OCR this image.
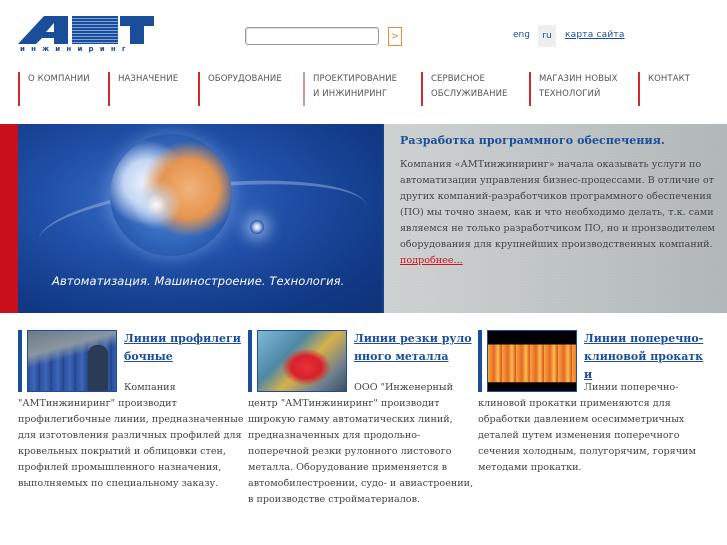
инжиниринг
>	eng	ru	карта сайта
О КОМПАНИИ	НАЗНАЧЕНИЕ	ОБОРУДОВАНИЕ	ПРОЕКТИРОВАНИЕ
И ИНЖИНИРИНГ
СЕРВИСНОЕ
ОБСЛУЖИВАНИЕ
МАГАЗИН НОВЫХ
ТЕХНОЛОГИЙ
КОНТАКТ
Автоматизация. Машиностроение. Технология.
Разработка программного обеспечения.
Компания «АМТинжиниринг» начала оказывать услуги по автоматизации управления бизнес-процессами. В отличие от других компаний-разработчиков программного обеспечения (ПО) мы точно знаем, как и что необходимо делать, т.к. сами являемся не только разработчиком ПО, но и производителем оборудования для крупнейших производственных компаний. подробнее...
Линии профилегибочные
Компания "АМТинжиниринг" производит профилегибочные линии, предназначенные для изготовления различных профилей для кровельных покрытий и облицовки стен, профилей промышленного назначения, выполняемых по специальному заказу.
Линии резки рулонного металла
ООО "Инженерный центр "АМТинжиниринг" производит широкую гамму автоматических линий, предназначенных для продольно-поперечной резки рулонного листового металла. Оборудование применяется в автомобилестроении, судо- и авиастроении, в производстве стройматериалов.
Линии поперечно-клиновой прокатки
Линии поперечно-клиновой прокатки применяются для обработки давлением осесимметричных деталей путем изменения поперечного сечения холодным, полугорячим, горячим методами прокатки.
